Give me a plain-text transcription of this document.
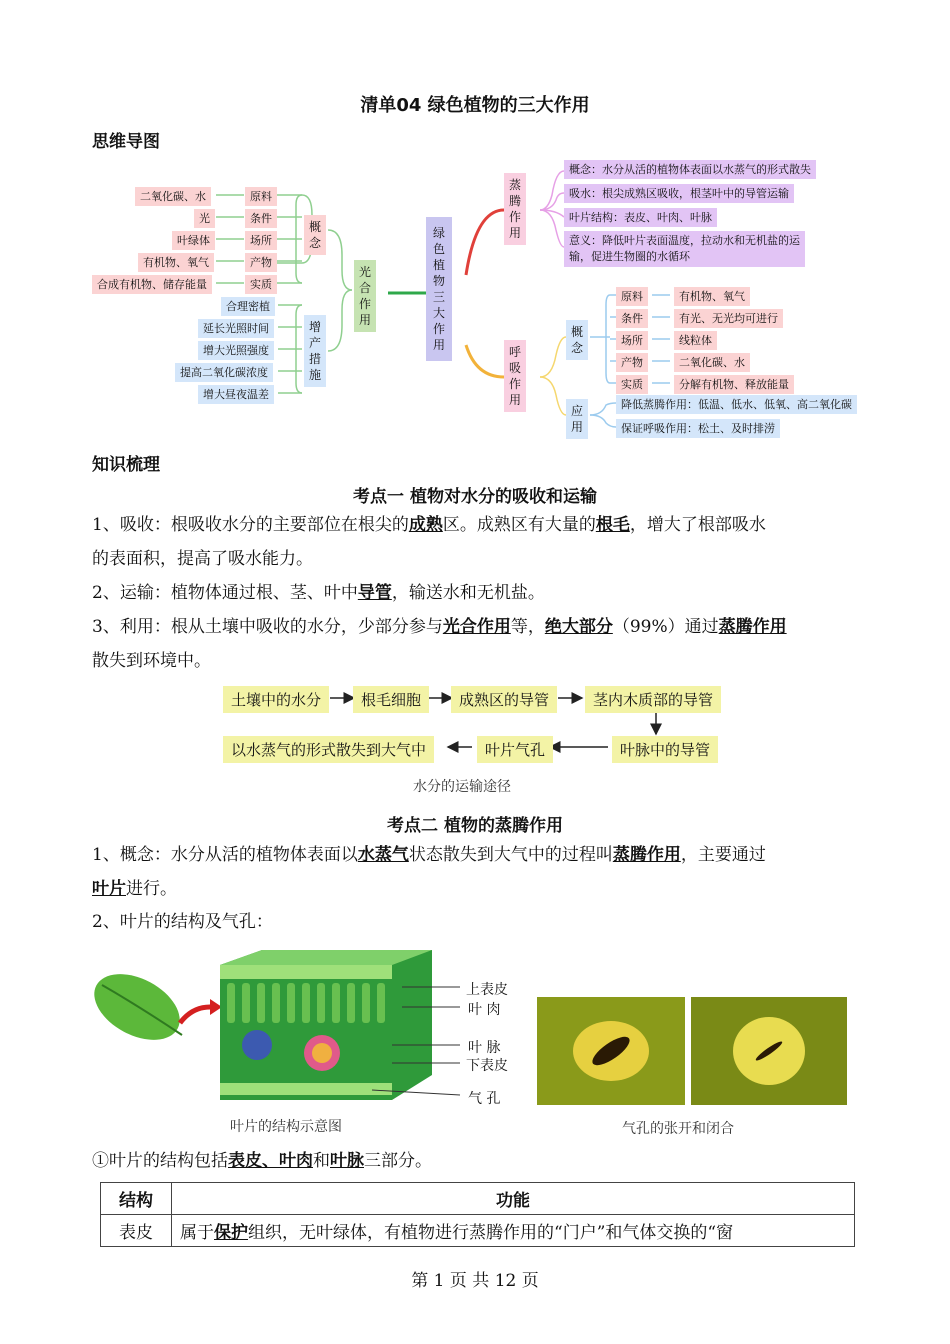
清单04 绿色植物的三大作用
思维导图
二氧化碳、水	原料
光	条件
叶绿体	场所
有机物、氧气	产物
合成有机物、储存能量	实质
概念
合理密植
延长光照时间
增大光照强度
提高二氧化碳浓度
增大昼夜温差
增产措施
光合作用
绿色植物三大作用
蒸腾作用
概念：水分从活的植物体表面以水蒸气的形式散失
吸水：根尖成熟区吸收，根茎叶中的导管运输
叶片结构：表皮、叶肉、叶脉
意义：降低叶片表面温度，拉动水和无机盐的运
输，促进生物圈的水循环
呼吸作用
概念
原料	有机物、氧气
条件	有光、无光均可进行
场所	线粒体
产物	二氧化碳、水
实质	分解有机物、释放能量
应用
降低蒸腾作用：低温、低水、低氧、高二氧化碳
保证呼吸作用：松土、及时排涝
知识梳理
考点一 植物对水分的吸收和运输
1、吸收：根吸收水分的主要部位在根尖的成熟区。成熟区有大量的根毛，增大了根部吸水
的表面积，提高了吸水能力。
2、运输：植物体通过根、茎、叶中导管，输送水和无机盐。
3、利用：根从土壤中吸收的水分，少部分参与光合作用等，绝大部分（99%）通过蒸腾作用
散失到环境中。
土壤中的水分	根毛细胞	成熟区的导管	茎内木质部的导管
叶脉中的导管
叶片气孔
以水蒸气的形式散失到大气中
水分的运输途径
考点二 植物的蒸腾作用
1、概念：水分从活的植物体表面以水蒸气状态散失到大气中的过程叫蒸腾作用，主要通过
叶片进行。
2、叶片的结构及气孔：
上表皮
叶 肉
叶 脉
下表皮
气 孔
叶片的结构示意图	气孔的张开和闭合
①叶片的结构包括表皮、叶肉和叶脉三部分。
结构	功能
表皮	属于保护组织，无叶绿体，有植物进行蒸腾作用的“门户”和气体交换的“窗
第 1 页 共 12 页
